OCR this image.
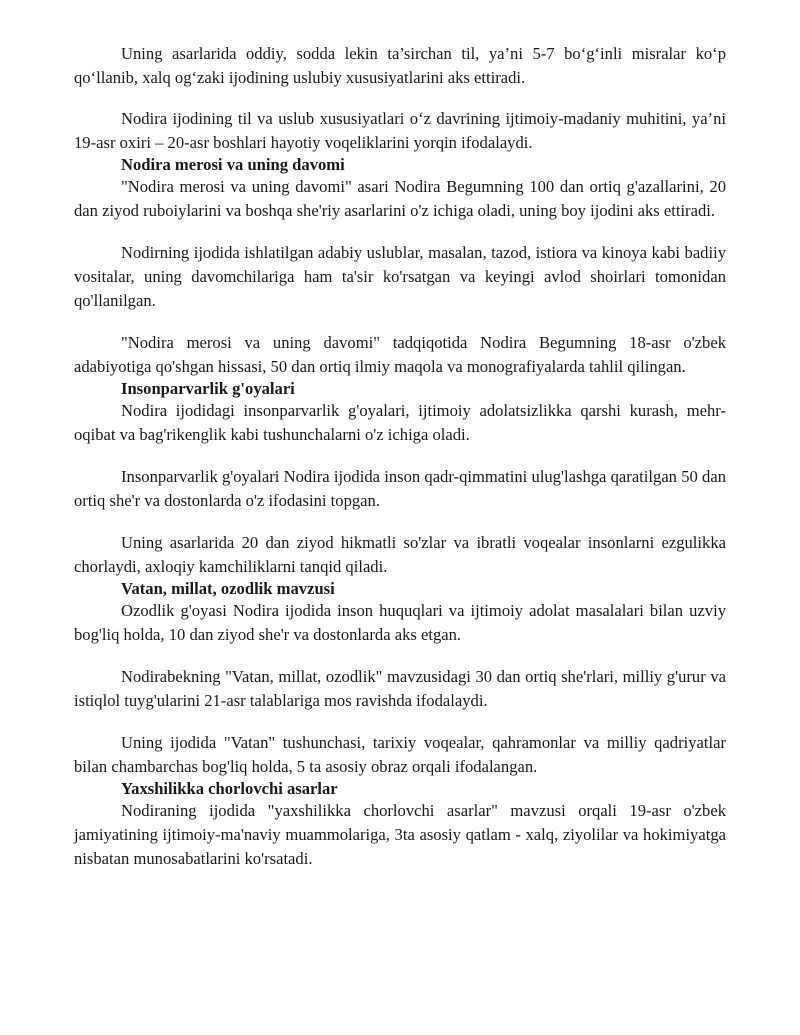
Uning asarlarida oddiy, sodda lekin ta’sirchan til, ya’ni 5-7 bo‘g‘inli misralar ko‘p qo‘llanib, xalq og‘zaki ijodining uslubiy xususiyatlarini aks ettiradi.

Nodira ijodining til va uslub xususiyatlari o‘z davrining ijtimoiy-madaniy muhitini, ya’ni 19-asr oxiri – 20-asr boshlari hayotiy voqeliklarini yorqin ifodalaydi.

Nodira merosi va uning davomi

"Nodira merosi va uning davomi" asari Nodira Begumning 100 dan ortiq g'azallarini, 20 dan ziyod ruboiylarini va boshqa she'riy asarlarini o'z ichiga oladi, uning boy ijodini aks ettiradi.

Nodirning ijodida ishlatilgan adabiy uslublar, masalan, tazod, istiora va kinoya kabi badiiy vositalar, uning davomchilariga ham ta'sir ko'rsatgan va keyingi avlod shoirlari tomonidan qo'llanilgan.

"Nodira merosi va uning davomi" tadqiqotida Nodira Begumning 18-asr o'zbek adabiyotiga qo'shgan hissasi, 50 dan ortiq ilmiy maqola va monografiyalarda tahlil qilingan.

Insonparvarlik g'oyalari

Nodira ijodidagi insonparvarlik g'oyalari, ijtimoiy adolatsizlikka qarshi kurash, mehr-oqibat va bag'rikenglik kabi tushunchalarni o'z ichiga oladi.

Insonparvarlik g'oyalari Nodira ijodida inson qadr-qimmatini ulug'lashga qaratilgan 50 dan ortiq she'r va dostonlarda o'z ifodasini topgan.

Uning asarlarida 20 dan ziyod hikmatli so'zlar va ibratli voqealar insonlarni ezgulikka chorlaydi, axloqiy kamchiliklarni tanqid qiladi.

Vatan, millat, ozodlik mavzusi

Ozodlik g'oyasi Nodira ijodida inson huquqlari va ijtimoiy adolat masalalari bilan uzviy bog'liq holda, 10 dan ziyod she'r va dostonlarda aks etgan.

Nodirabekning "Vatan, millat, ozodlik" mavzusidagi 30 dan ortiq she'rlari, milliy g'urur va istiqlol tuyg'ularini 21-asr talablariga mos ravishda ifodalaydi.

Uning ijodida "Vatan" tushunchasi, tarixiy voqealar, qahramonlar va milliy qadriyatlar bilan chambarchas bog'liq holda, 5 ta asosiy obraz orqali ifodalangan.

Yaxshilikka chorlovchi asarlar

Nodiraning ijodida "yaxshilikka chorlovchi asarlar" mavzusi orqali 19-asr o'zbek jamiyatining ijtimoiy-ma'naviy muammolariga, 3ta asosiy qatlam - xalq, ziyolilar va hokimiyatga nisbatan munosabatlarini ko'rsatadi.
